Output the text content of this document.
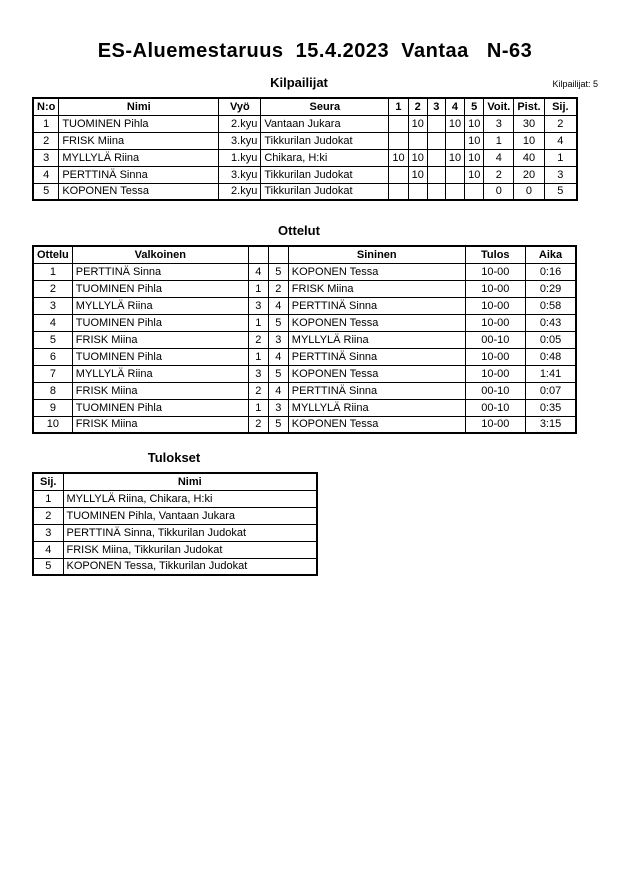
ES-Aluemestaruus  15.4.2023  Vantaa   N-63
Kilpailijat	Kilpailijat: 5
N:o	Nimi	Vyö	Seura	1	2	3	4	5	Voit.	Pist.	Sij.
1	TUOMINEN Pihla	2.kyu	Vantaan Jukara		10		10	10	3	30	2
2	FRISK Miina	3.kyu	Tikkurilan Judokat					10	1	10	4
3	MYLLYLÄ Riina	1.kyu	Chikara, H:ki	10	10		10	10	4	40	1
4	PERTTINÄ Sinna	3.kyu	Tikkurilan Judokat		10			10	2	20	3
5	KOPONEN Tessa	2.kyu	Tikkurilan Judokat						0	0	5
Ottelut
Ottelu	Valkoinen			Sininen	Tulos	Aika
1	PERTTINÄ Sinna	4	5	KOPONEN Tessa	10-00	0:16
2	TUOMINEN Pihla	1	2	FRISK Miina	10-00	0:29
3	MYLLYLÄ Riina	3	4	PERTTINÄ Sinna	10-00	0:58
4	TUOMINEN Pihla	1	5	KOPONEN Tessa	10-00	0:43
5	FRISK Miina	2	3	MYLLYLÄ Riina	00-10	0:05
6	TUOMINEN Pihla	1	4	PERTTINÄ Sinna	10-00	0:48
7	MYLLYLÄ Riina	3	5	KOPONEN Tessa	10-00	1:41
8	FRISK Miina	2	4	PERTTINÄ Sinna	00-10	0:07
9	TUOMINEN Pihla	1	3	MYLLYLÄ Riina	00-10	0:35
10	FRISK Miina	2	5	KOPONEN Tessa	10-00	3:15
Tulokset
Sij.	Nimi
1	MYLLYLÄ Riina, Chikara, H:ki
2	TUOMINEN Pihla, Vantaan Jukara
3	PERTTINÄ Sinna, Tikkurilan Judokat
4	FRISK Miina, Tikkurilan Judokat
5	KOPONEN Tessa, Tikkurilan Judokat
